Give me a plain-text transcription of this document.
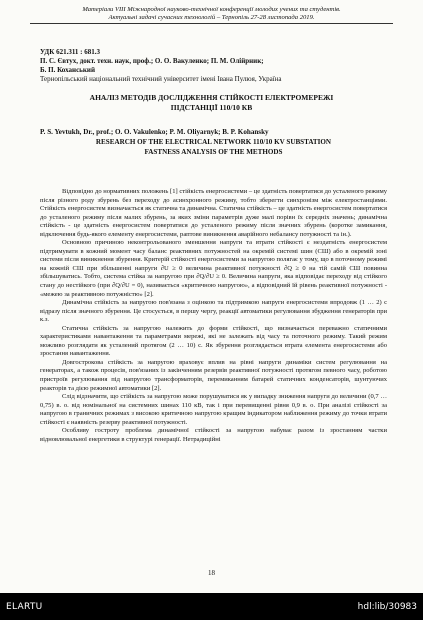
Матеріали VIII Міжнародної науково-технічної конференції молодих учених та студентів.
Актуальні задачі сучасних технологій – Тернопіль 27-28 листопада 2019.
УДК 621.311 : 681.3
П. С. Євтух, докт. техн. наук, проф.; О. О. Вакуленко; П. М. Олійрник;
Б. П. Коханський
Тернопільський національний технічний університет імені Івана Пулюя, Україна
АНАЛІЗ МЕТОДІВ ДОСЛІДЖЕННЯ СТІЙКОСТІ ЕЛЕКТРОМЕРЕЖІ
ПІДСТАНЦІЇ 110/10 КВ
P. S. Yevtukh, Dr., prof.; O. O. Vakulenko; P. M. Oliyarnyk; B. P. Kohansky
RESEARCH OF THE ELECTRICAL NETWORK 110/10 KV SUBSTATION
FASTNESS ANALYSIS OF THE METHODS

Відповідно до нормативних положень [1] стійкість енергосистеми – це здатність повертатися до усталеного режиму після різного роду збурень без переходу до асинхронного режиму, тобто зберегти синхронізм між електростанціями. Стійкість енергосистем визначається як статична та динамічна. Статична стійкість – це здатність енергосистем повертатися до усталеного режиму після малих збурень, за яких зміни параметрів дуже малі порівн їх середніх значень; динамічна стійкість - це здатність енергосистем повертатися до усталеного режиму після значних збурень (коротке замикання, відключення будь-якого елементу енергосистеми, раптове виникнення аварійного небалансу потужності та ін.).

Основною причиною неконтрольованого зменшення напруги та втрати стійкості є нездатність енергосистем підтримувати в кожний момент часу баланс реактивних потужностей на окремій системі шин (СШ) або в окремій зоні системи після виникнення збурення. Критерій стійкості енергосистеми за напругою полягає у тому, що в поточному режимі на кожній СШ при збільшенні напруги ∂U ≥ 0 величина реактивної потужності ∂Q ≥ 0 на тій самій СШ повинна збільшуватись. Тобто, система стійка за напругою при ∂Q/∂U ≥ 0. Величина напруги, яка відповідає переходу від стійкого стану до нестійкого (при ∂Q/∂U = 0), називається «критичною напругою», а відповідний їй рівень реактивної потужності - «межею за реактивною потужністю» [2].

Динамічна стійкість за напругою пов'язана з оцінкою та підтримкою напруги енергосистеми впродовж (1 … 2) с відразу після значного збурення. Це стосується, в першу чергу, реакції автоматики регулювання збудження генераторів при к.з.

Статична стійкість за напругою належить до форми стійкості, що визначається переважно статичними характеристиками навантаження та параметрами мережі, які не залежать від часу та поточного режиму. Такий режим можливо розглядати як усталений протягом (2 … 10) с. Як збурення розглядається втрата елемента енергосистеми або зростання навантаження.

Довгострокова стійкість за напругою враховує вплив на рівні напруги динаміки систем регулювання на генераторах, а також процесів, пов'язаних із закінченням резервів реактивної потужності протягом певного часу, роботою пристроїв регулювання під напругою трансформаторів, перемиканням батарей статичних конденсаторів, шунтуючих реакторів та дією режимної автоматики [2].

Слід відзначити, що стійкість за напругою може порушуватися як у випадку зниження напруги до величини (0,7 … 0,75) в. о. від номінальної на системних шинах 110 кВ, так і при перевищенні рівня 0,9 в. о. При аналізі стійкості за напругою в граничних режимах з високою критичною напругою кращим індикатором наближення режиму до точки втрати стійкості є наявність резерву реактивної потужності.

Особливу гостроту проблема динамічної стійкості за напругою набуває разом із зростанням частки відновлювальної енергетики в структурі генерації. Нетрадиційні

18
ELARTU	hdl:lib/30983
